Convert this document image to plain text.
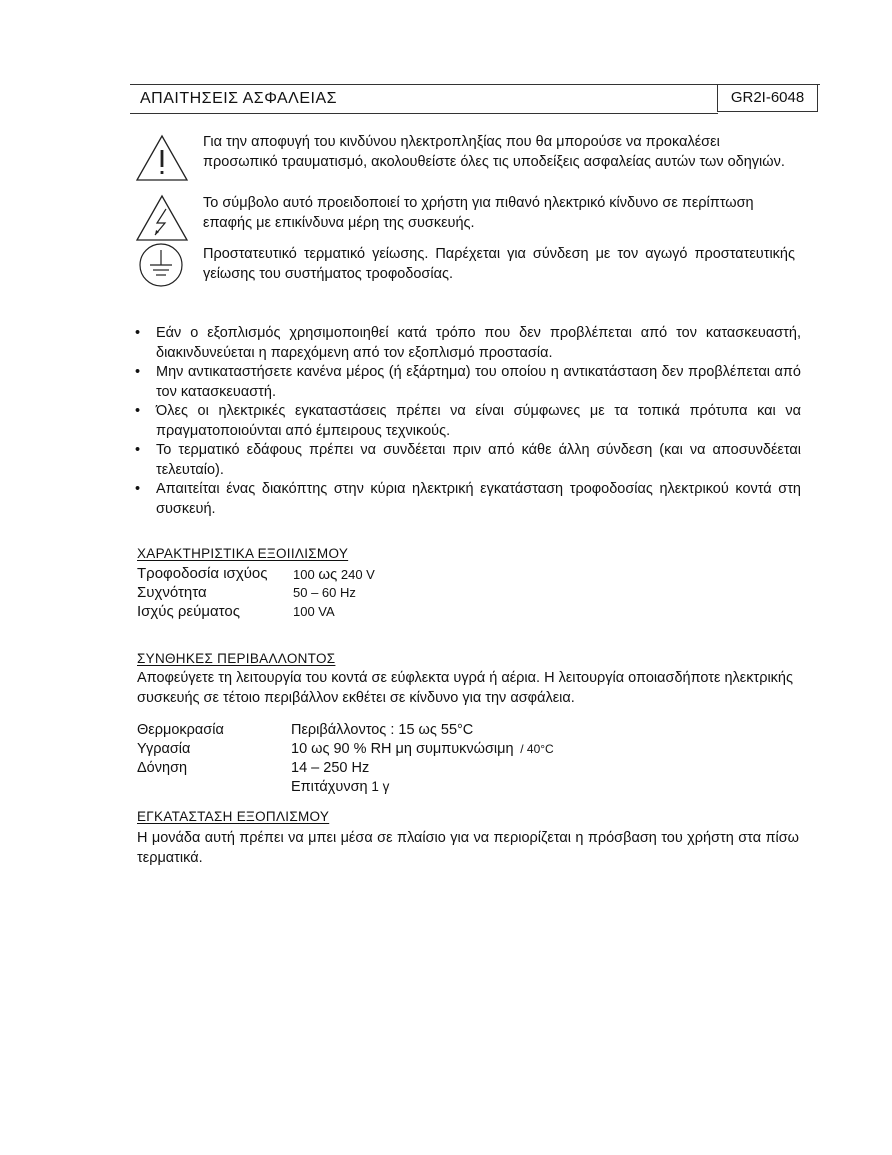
ΑΠΑΙΤΗΣΕΙΣ ΑΣΦΑΛΕΙΑΣ	GR2I-6048
Για την αποφυγή του κινδύνου ηλεκτροπληξίας που θα μπορούσε να προκαλέσει προσωπικό τραυματισμό, ακολουθείστε όλες τις υποδείξεις ασφαλείας αυτών των οδηγιών.
Το σύμβολο αυτό προειδοποιεί το χρήστη για πιθανό ηλεκτρικό κίνδυνο σε περίπτωση επαφής με επικίνδυνα μέρη της συσκευής.
Προστατευτικό τερματικό γείωσης. Παρέχεται για σύνδεση με τον αγωγό προστατευτικής γείωσης του συστήματος τροφοδοσίας.
• Εάν ο εξοπλισμός χρησιμοποιηθεί κατά τρόπο που δεν προβλέπεται από τον κατασκευαστή, διακινδυνεύεται η παρεχόμενη από τον εξοπλισμό προστασία.
• Μην αντικαταστήσετε κανένα μέρος (ή εξάρτημα) του οποίου η αντικατάσταση δεν προβλέπεται από τον κατασκευαστή.
• Όλες οι ηλεκτρικές εγκαταστάσεις πρέπει να είναι σύμφωνες με τα τοπικά πρότυπα και να πραγματοποιούνται από έμπειρους τεχνικούς.
• Το τερματικό εδάφους πρέπει να συνδέεται πριν από κάθε άλλη σύνδεση (και να αποσυνδέεται τελευταίο).
• Απαιτείται ένας διακόπτης στην κύρια ηλεκτρική εγκατάσταση τροφοδοσίας ηλεκτρικού κοντά στη συσκευή.
ΧΑΡΑΚΤΗΡΙΣΤΙΚΑ ΕΞΟΙΙΛΙΣΜΟΥ
Τροφοδοσία ισχύος 100 ως 240 V
Συχνότητα	50 – 60 Hz
Ισχύς ρεύματος	100 VA
ΣΥΝΘΗΚΕΣ ΠΕΡΙΒΑΛΛΟΝΤΟΣ
Αποφεύγετε τη λειτουργία του κοντά σε εύφλεκτα υγρά ή αέρια. Η λειτουργία οποιασδήποτε ηλεκτρικής συσκευής σε τέτοιο περιβάλλον εκθέτει σε κίνδυνο για την ασφάλεια.
Θερμοκρασία	Περιβάλλοντος : 15 ως 55°C
Υγρασία	10 ως 90 % RH μη συμπυκνώσιμη  / 40°C
Δόνηση	14 – 250 Hz
Επιτάχυνση 1 γ
ΕΓΚΑΤΑΣΤΑΣΗ ΕΞΟΠΛΙΣΜΟΥ
Η μονάδα αυτή πρέπει να μπει μέσα σε πλαίσιο για να περιορίζεται η πρόσβαση του χρήστη στα πίσω τερματικά.
